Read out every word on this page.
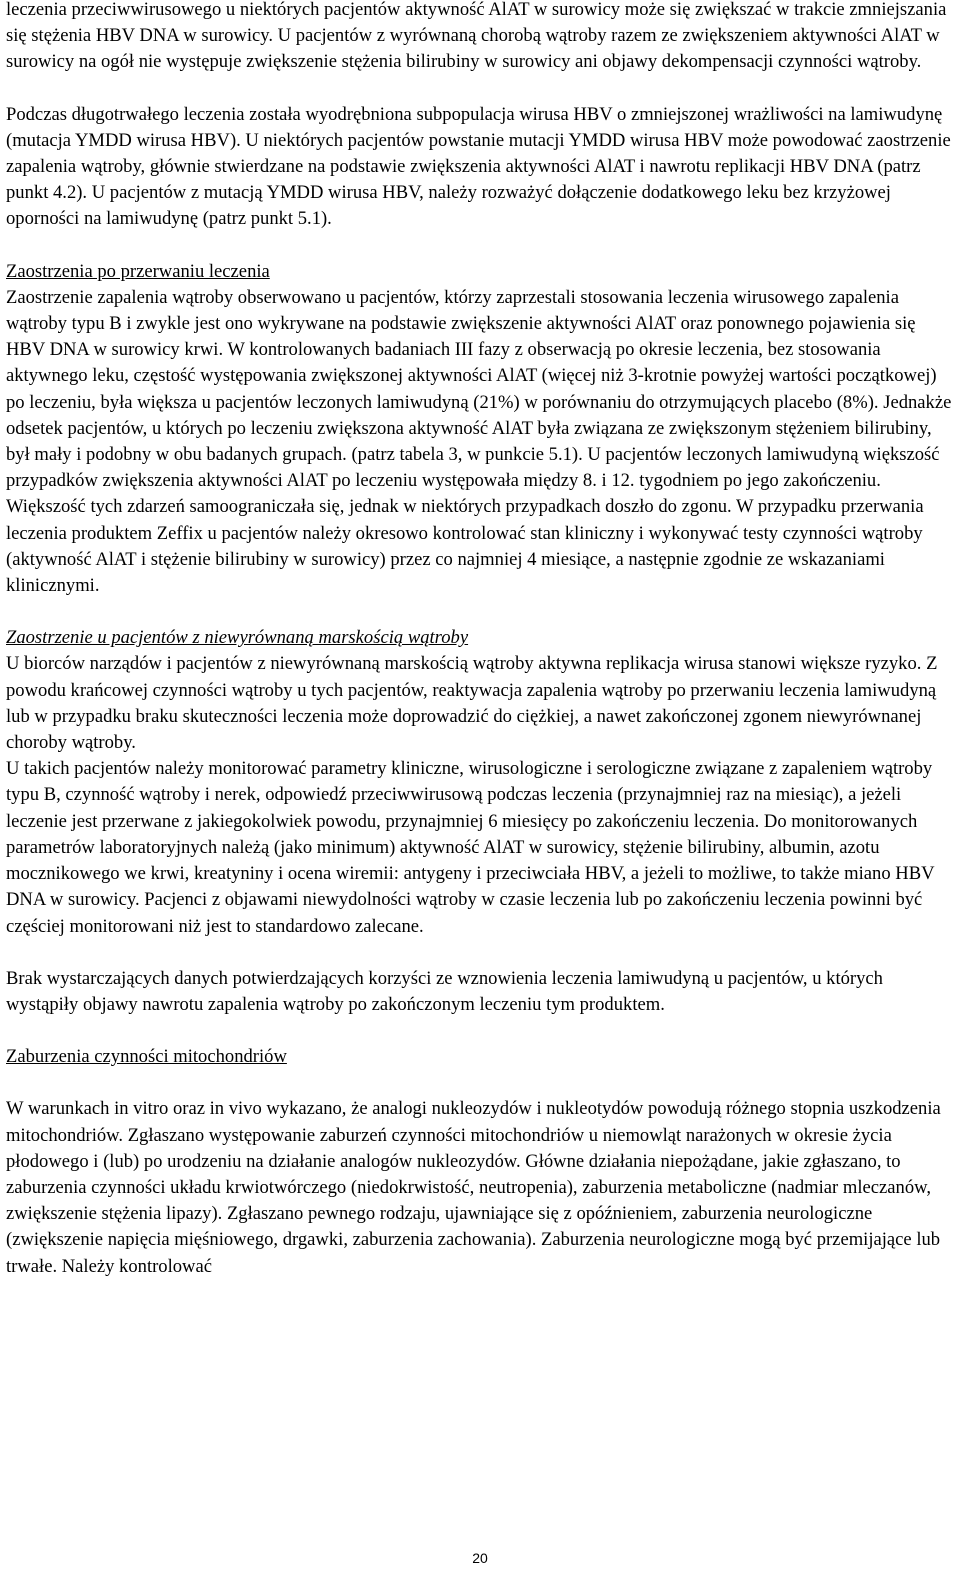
leczenia przeciwwirusowego u niektórych pacjentów aktywność AlAT w surowicy może się zwiększać w trakcie zmniejszania się stężenia HBV DNA w surowicy. U pacjentów z wyrównaną chorobą wątroby razem ze zwiększeniem aktywności AlAT w surowicy na ogół nie występuje zwiększenie stężenia bilirubiny w surowicy ani objawy dekompensacji czynności wątroby.

Podczas długotrwałego leczenia została wyodrębniona subpopulacja wirusa HBV o zmniejszonej wrażliwości na lamiwudynę (mutacja YMDD wirusa HBV). U niektórych pacjentów powstanie mutacji YMDD wirusa HBV może powodować zaostrzenie zapalenia wątroby, głównie stwierdzane na podstawie zwiększenia aktywności AlAT i nawrotu replikacji HBV DNA (patrz punkt 4.2). U pacjentów z mutacją YMDD wirusa HBV, należy rozważyć dołączenie dodatkowego leku bez krzyżowej oporności na lamiwudynę (patrz punkt 5.1).

Zaostrzenia po przerwaniu leczenia

Zaostrzenie zapalenia wątroby obserwowano u pacjentów, którzy zaprzestali stosowania leczenia wirusowego zapalenia wątroby typu B i zwykle jest ono wykrywane na podstawie zwiększenie aktywności AlAT oraz ponownego pojawienia się HBV DNA w surowicy krwi. W kontrolowanych badaniach III fazy z obserwacją po okresie leczenia, bez stosowania aktywnego leku, częstość występowania zwiększonej aktywności AlAT (więcej niż 3-krotnie powyżej wartości początkowej) po leczeniu, była większa u pacjentów leczonych lamiwudyną (21%) w porównaniu do otrzymujących placebo (8%). Jednakże odsetek pacjentów, u których po leczeniu zwiększona aktywność AlAT była związana ze zwiększonym stężeniem bilirubiny, był mały i podobny w obu badanych grupach. (patrz tabela 3, w punkcie 5.1). U pacjentów leczonych lamiwudyną większość przypadków zwiększenia aktywności AlAT po leczeniu występowała między 8. i 12. tygodniem po jego zakończeniu. Większość tych zdarzeń samoograniczała się, jednak w niektórych przypadkach doszło do zgonu. W przypadku przerwania leczenia produktem Zeffix u pacjentów należy okresowo kontrolować stan kliniczny i wykonywać testy czynności wątroby (aktywność AlAT i stężenie bilirubiny w surowicy) przez co najmniej 4 miesiące, a następnie zgodnie ze wskazaniami klinicznymi.

Zaostrzenie u pacjentów z niewyrównaną marskością wątroby

U biorców narządów i pacjentów z niewyrównaną marskością wątroby aktywna replikacja wirusa stanowi większe ryzyko. Z powodu krańcowej czynności wątroby u tych pacjentów, reaktywacja zapalenia wątroby po przerwaniu leczenia lamiwudyną lub w przypadku braku skuteczności leczenia może doprowadzić do ciężkiej, a nawet zakończonej zgonem niewyrównanej choroby wątroby.

U takich pacjentów należy monitorować parametry kliniczne, wirusologiczne i serologiczne związane z zapaleniem wątroby typu B, czynność wątroby i nerek, odpowiedź przeciwwirusową podczas leczenia (przynajmniej raz na miesiąc), a jeżeli leczenie jest przerwane z jakiegokolwiek powodu, przynajmniej 6 miesięcy po zakończeniu leczenia. Do monitorowanych parametrów laboratoryjnych należą (jako minimum) aktywność AlAT w surowicy, stężenie bilirubiny, albumin, azotu mocznikowego we krwi, kreatyniny i ocena wiremii: antygeny i przeciwciała HBV, a jeżeli to możliwe, to także miano HBV DNA w surowicy. Pacjenci z objawami niewydolności wątroby w czasie leczenia lub po zakończeniu leczenia powinni być częściej monitorowani niż jest to standardowo zalecane.

Brak wystarczających danych potwierdzających korzyści ze wznowienia leczenia lamiwudyną u pacjentów, u których wystąpiły objawy nawrotu zapalenia wątroby po zakończonym leczeniu tym produktem.

Zaburzenia czynności mitochondriów

W warunkach in vitro oraz in vivo wykazano, że analogi nukleozydów i nukleotydów powodują różnego stopnia uszkodzenia mitochondriów. Zgłaszano występowanie zaburzeń czynności mitochondriów u niemowląt narażonych w okresie życia płodowego i (lub) po urodzeniu na działanie analogów nukleozydów. Główne działania niepożądane, jakie zgłaszano, to zaburzenia czynności układu krwiotwórczego (niedokrwistość, neutropenia), zaburzenia metaboliczne (nadmiar mleczanów, zwiększenie stężenia lipazy). Zgłaszano pewnego rodzaju, ujawniające się z opóźnieniem, zaburzenia neurologiczne (zwiększenie napięcia mięśniowego, drgawki, zaburzenia zachowania). Zaburzenia neurologiczne mogą być przemijające lub trwałe. Należy kontrolować

20
